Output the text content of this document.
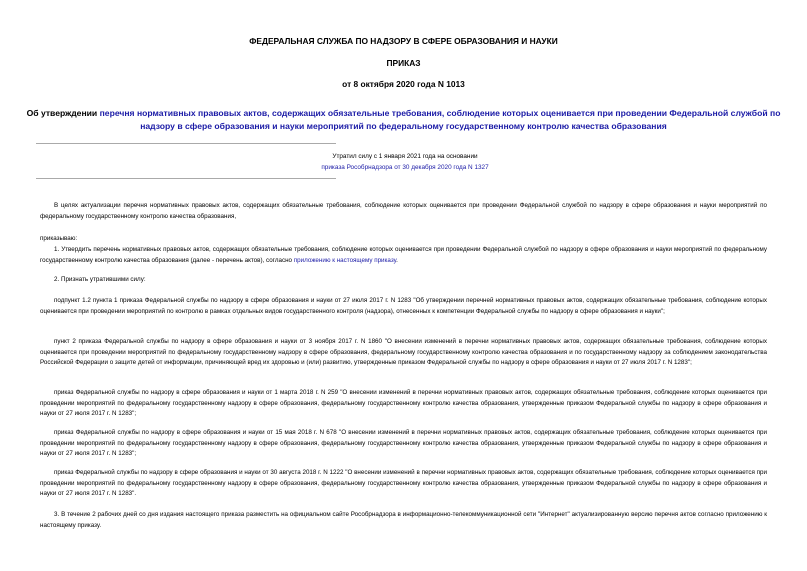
ФЕДЕРАЛЬНАЯ СЛУЖБА ПО НАДЗОРУ В СФЕРЕ ОБРАЗОВАНИЯ И НАУКИ
ПРИКАЗ
от 8 октября 2020 года N 1013
Об утверждении перечня нормативных правовых актов, содержащих обязательные требования, соблюдение которых оценивается при проведении Федеральной службой по надзору в сфере образования и науки мероприятий по федеральному государственному контролю качества образования
Утратил силу с 1 января 2021 года на основании
приказа Рособрнадзора от 30 декабря 2020 года N 1327
В целях актуализации перечня нормативных правовых актов, содержащих обязательные требования, соблюдение которых оценивается при проведении Федеральной службой по надзору в сфере образования и науки мероприятий по федеральному государственному контролю качества образования,
приказываю:
1. Утвердить перечень нормативных правовых актов, содержащих обязательные требования, соблюдение которых оценивается при проведении Федеральной службой по надзору в сфере образования и науки мероприятий по федеральному государственному контролю качества образования (далее - перечень актов), согласно приложению к настоящему приказу.
2. Признать утратившими силу:
подпункт 1.2 пункта 1 приказа Федеральной службы по надзору в сфере образования и науки от 27 июля 2017 г. N 1283 "Об утверждении перечней нормативных правовых актов, содержащих обязательные требования, соблюдение которых оценивается при проведении мероприятий по контролю в рамках отдельных видов государственного контроля (надзора), отнесенных к компетенции Федеральной службы по надзору в сфере образования и науки";
пункт 2 приказа Федеральной службы по надзору в сфере образования и науки от 3 ноября 2017 г. N 1860 "О внесении изменений в перечни нормативных правовых актов, содержащих обязательные требования, соблюдение которых оценивается при проведении мероприятий по федеральному государственному надзору в сфере образования, федеральному государственному контролю качества образования и по государственному надзору за соблюдением законодательства Российской Федерации о защите детей от информации, причиняющей вред их здоровью и (или) развитию, утвержденные приказом Федеральной службы по надзору в сфере образования и науки от 27 июля 2017 г. N 1283";
приказ Федеральной службы по надзору в сфере образования и науки от 1 марта 2018 г. N 259 "О внесении изменений в перечни нормативных правовых актов, содержащих обязательные требования, соблюдение которых оценивается при проведении мероприятий по федеральному государственному надзору в сфере образования, федеральному государственному контролю качества образования, утвержденные приказом Федеральной службы по надзору в сфере образования и науки от 27 июля 2017 г. N 1283";
приказ Федеральной службы по надзору в сфере образования и науки от 15 мая 2018 г. N 678 "О внесении изменений в перечни нормативных правовых актов, содержащих обязательные требования, соблюдение которых оценивается при проведении мероприятий по федеральному государственному надзору в сфере образования, федеральному государственному контролю качества образования, утвержденные приказом Федеральной службы по надзору в сфере образования и науки от 27 июля 2017 г. N 1283";
приказ Федеральной службы по надзору в сфере образования и науки от 30 августа 2018 г. N 1222 "О внесении изменений в перечни нормативных правовых актов, содержащих обязательные требования, соблюдение которых оценивается при проведении мероприятий по федеральному государственному надзору в сфере образования, федеральному государственному контролю качества образования, утвержденные приказом Федеральной службы по надзору в сфере образования и науки от 27 июля 2017 г. N 1283".
3. В течение 2 рабочих дней со дня издания настоящего приказа разместить на официальном сайте Рособрнадзора в информационно-телекоммуникационной сети "Интернет" актуализированную версию перечня актов согласно приложению к настоящему приказу.
